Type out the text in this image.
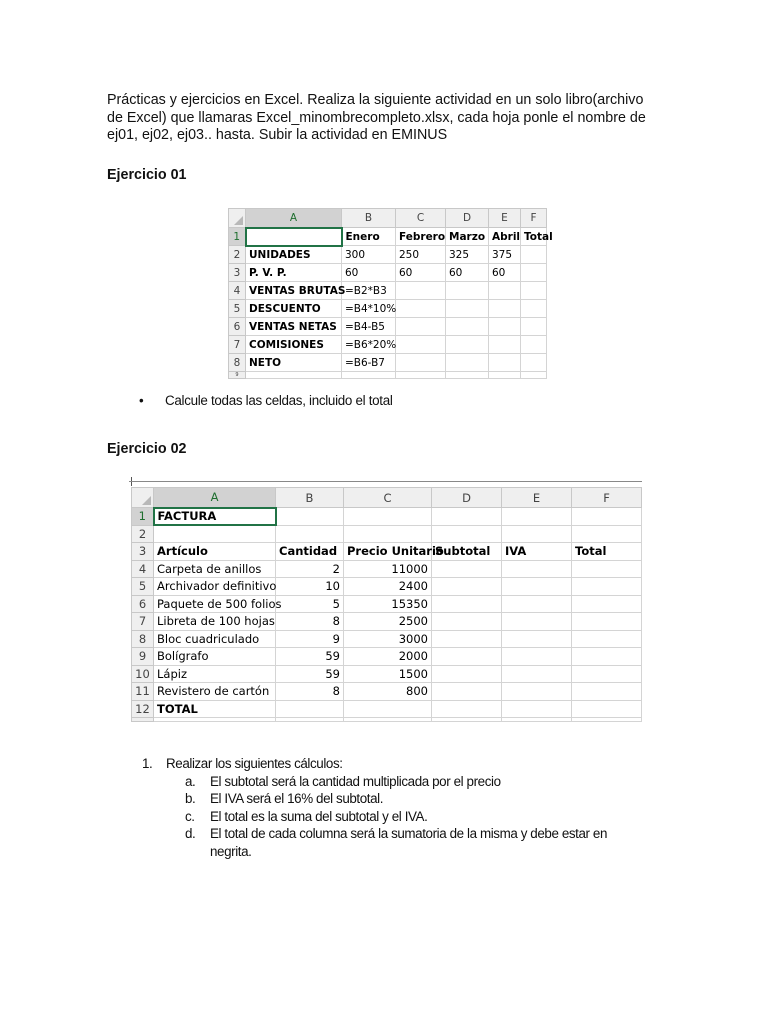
Prácticas y ejercicios en Excel. Realiza la siguiente actividad en un solo libro(archivo de Excel) que llamaras Excel_minombrecompleto.xlsx, cada hoja ponle el nombre de ej01, ej02, ej03.. hasta. Subir la actividad en EMINUS

Ejercicio 01

	A	B	C	D	E	F
1		Enero	Febrero	Marzo	Abril	Total
2	UNIDADES	300	250	325	375	
3	P. V. P.	60	60	60	60	
4	VENTAS BRUTAS	=B2*B3				
5	DESCUENTO	=B4*10%				
6	VENTAS NETAS	=B4-B5				
7	COMISIONES	=B6*20%				
8	NETO	=B6-B7				
9						
• Calcule todas las celdas, incluido el total

Ejercicio 02

	A	B	C	D	E	F
1	FACTURA					
2						
3	Artículo	Cantidad	Precio Unitario	Subtotal	IVA	Total
4	Carpeta de anillos	2	11000			
5	Archivador definitivo	10	2400			
6	Paquete de 500 folios	5	15350			
7	Libreta de 100 hojas	8	2500			
8	Bloc cuadriculado	9	3000			
9	Bolígrafo	59	2000			
10	Lápiz	59	1500			
11	Revistero de cartón	8	800			
12	TOTAL					

1. Realizar los siguientes cálculos:
a. El subtotal será la cantidad multiplicada por el precio
b. El IVA será el 16% del subtotal.
c. El total es la suma del subtotal y el IVA.
d. El total de cada columna será la sumatoria de la misma y debe estar en negrita.
